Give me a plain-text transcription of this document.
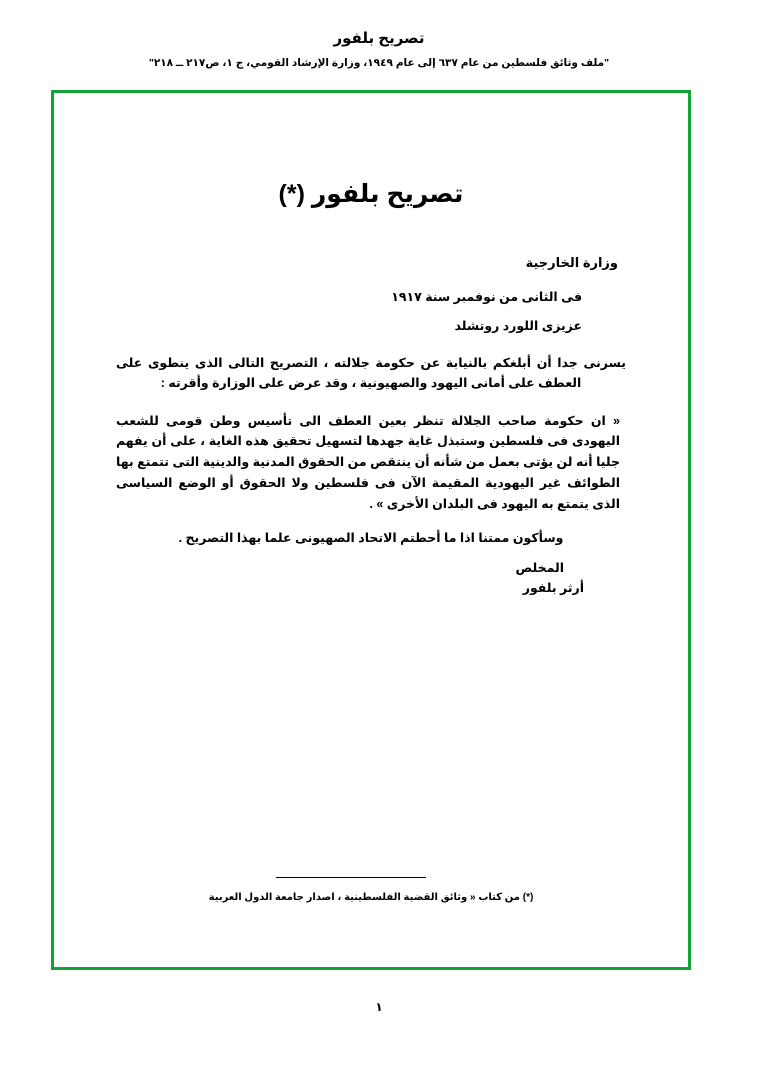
تصريح بلفور
"ملف وثائق فلسطين من عام ٦٣٧ إلى عام ١٩٤٩، وزارة الإرشاد القومي، ج ١، ص٢١٧ ــ ٢١٨"
تصريح بلفور (*)
وزارة الخارجية
فى الثانى من نوفمبر سنة ١٩١٧
عزيزى اللورد روتشلد

يسرنى جدا أن أبلغكم بالنيابة عن حكومة جلالته ، التصريح التالى الذى ينطوى على العطف على أمانى اليهود والصهيونية ، وقد عرض على الوزارة وأقرته :

« ان حكومة صاحب الجلالة تنظر بعين العطف الى تأسيس وطن قومى للشعب اليهودى فى فلسطين وستبذل غاية جهدها لتسهيل تحقيق هذه الغاية ، على أن يفهم جليا أنه لن يؤتى بعمل من شأنه أن ينتقص من الحقوق المدنية والدينية التى تتمتع بها الطوائف غير اليهودية المقيمة الآن فى فلسطين ولا الحقوق أو الوضع السياسى الذى يتمتع به اليهود فى البلدان الأخرى » .

وسأكون ممتنا اذا ما أحطتم الاتحاد الصهيونى علما بهذا التصريح .

المخلص
أرثر بلفور
(*) من كتاب « وثائق القضية الفلسطينية ، اصدار جامعة الدول العربية
١
